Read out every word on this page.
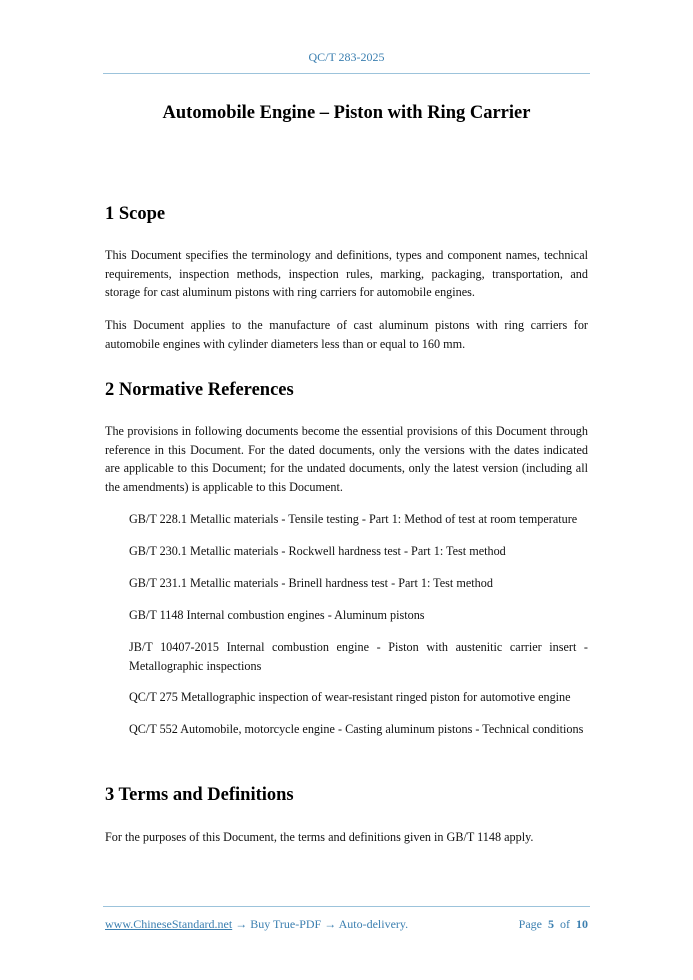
QC/T 283-2025
Automobile Engine – Piston with Ring Carrier
1 Scope

This Document specifies the terminology and definitions, types and component names, technical requirements, inspection methods, inspection rules, marking, packaging, transportation, and storage for cast aluminum pistons with ring carriers for automobile engines.

This Document applies to the manufacture of cast aluminum pistons with ring carriers for automobile engines with cylinder diameters less than or equal to 160 mm.

2 Normative References

The provisions in following documents become the essential provisions of this Document through reference in this Document. For the dated documents, only the versions with the dates indicated are applicable to this Document; for the undated documents, only the latest version (including all the amendments) is applicable to this Document.

GB/T 228.1 Metallic materials - Tensile testing - Part 1: Method of test at room temperature
GB/T 230.1 Metallic materials - Rockwell hardness test - Part 1: Test method
GB/T 231.1 Metallic materials - Brinell hardness test - Part 1: Test method
GB/T 1148 Internal combustion engines - Aluminum pistons
JB/T 10407-2015 Internal combustion engine - Piston with austenitic carrier insert - Metallographic inspections
QC/T 275 Metallographic inspection of wear-resistant ringed piston for automotive engine
QC/T 552 Automobile, motorcycle engine - Casting aluminum pistons - Technical conditions
3 Terms and Definitions

For the purposes of this Document, the terms and definitions given in GB/T 1148 apply.

www.ChineseStandard.net → Buy True-PDF → Auto-delivery.	Page 5 of 10
